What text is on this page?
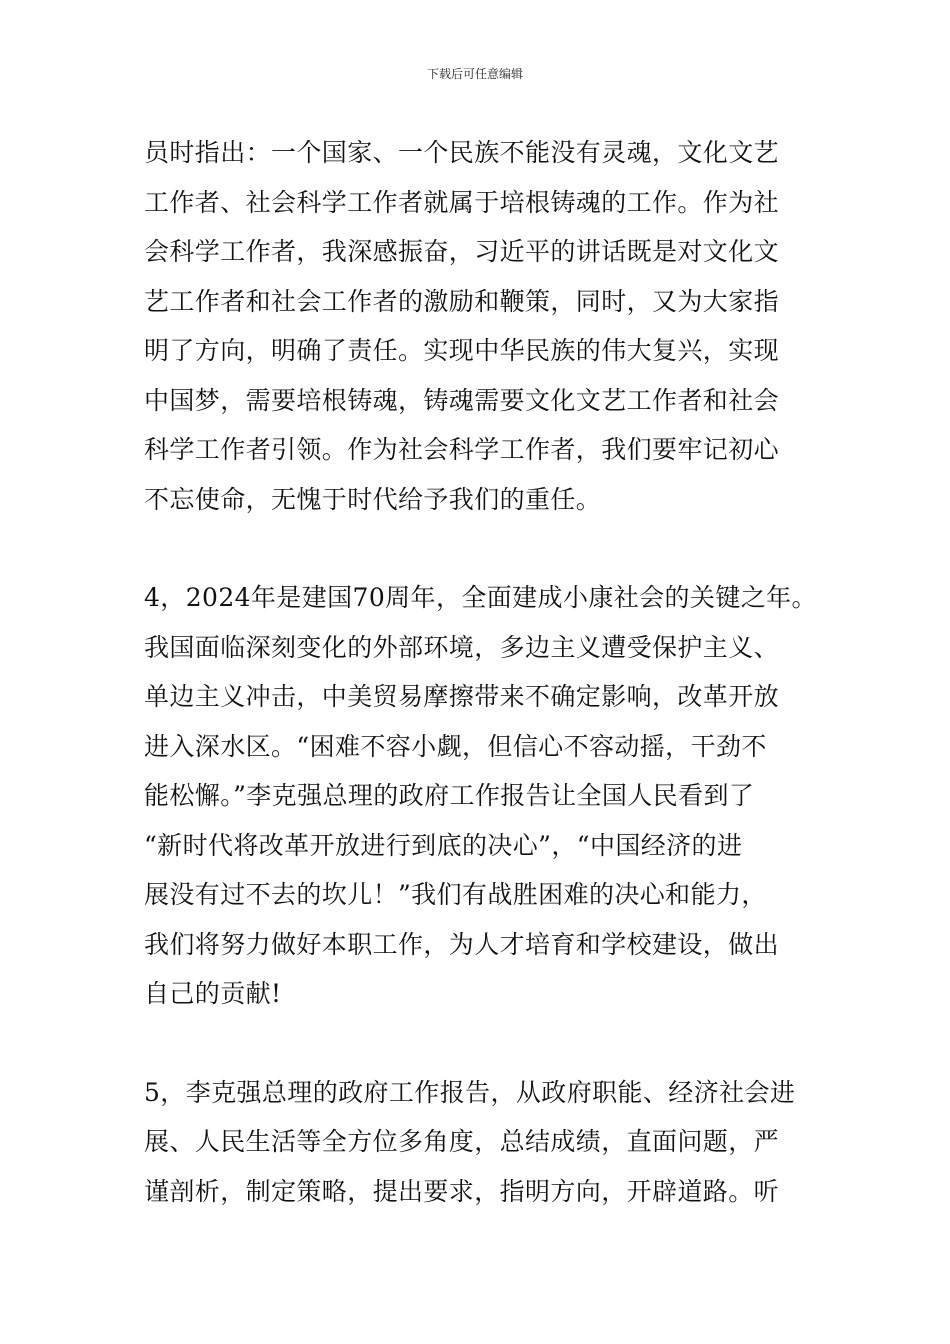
下载后可任意编辑

员时指出：一个国家、一个民族不能没有灵魂，文化文艺
工作者、社会科学工作者就属于培根铸魂的工作。作为社
会科学工作者，我深感振奋，习近平的讲话既是对文化文
艺工作者和社会工作者的激励和鞭策，同时，又为大家指
明了方向，明确了责任。实现中华民族的伟大复兴，实现
中国梦，需要培根铸魂，铸魂需要文化文艺工作者和社会
科学工作者引领。作为社会科学工作者，我们要牢记初心
不忘使命，无愧于时代给予我们的重任。

4，2024年是建国70周年，全面建成小康社会的关键之年。
我国面临深刻变化的外部环境，多边主义遭受保护主义、
单边主义冲击，中美贸易摩擦带来不确定影响，改革开放
进入深水区。“困难不容小觑，但信心不容动摇，干劲不
能松懈。”李克强总理的政府工作报告让全国人民看到了
“新时代将改革开放进行到底的决心”，“中国经济的进
展没有过不去的坎儿！”我们有战胜困难的决心和能力，
我们将努力做好本职工作，为人才培育和学校建设，做出
自己的贡献!

5，李克强总理的政府工作报告，从政府职能、经济社会进
展、人民生活等全方位多角度，总结成绩，直面问题，严
谨剖析，制定策略，提出要求，指明方向，开辟道路。听
